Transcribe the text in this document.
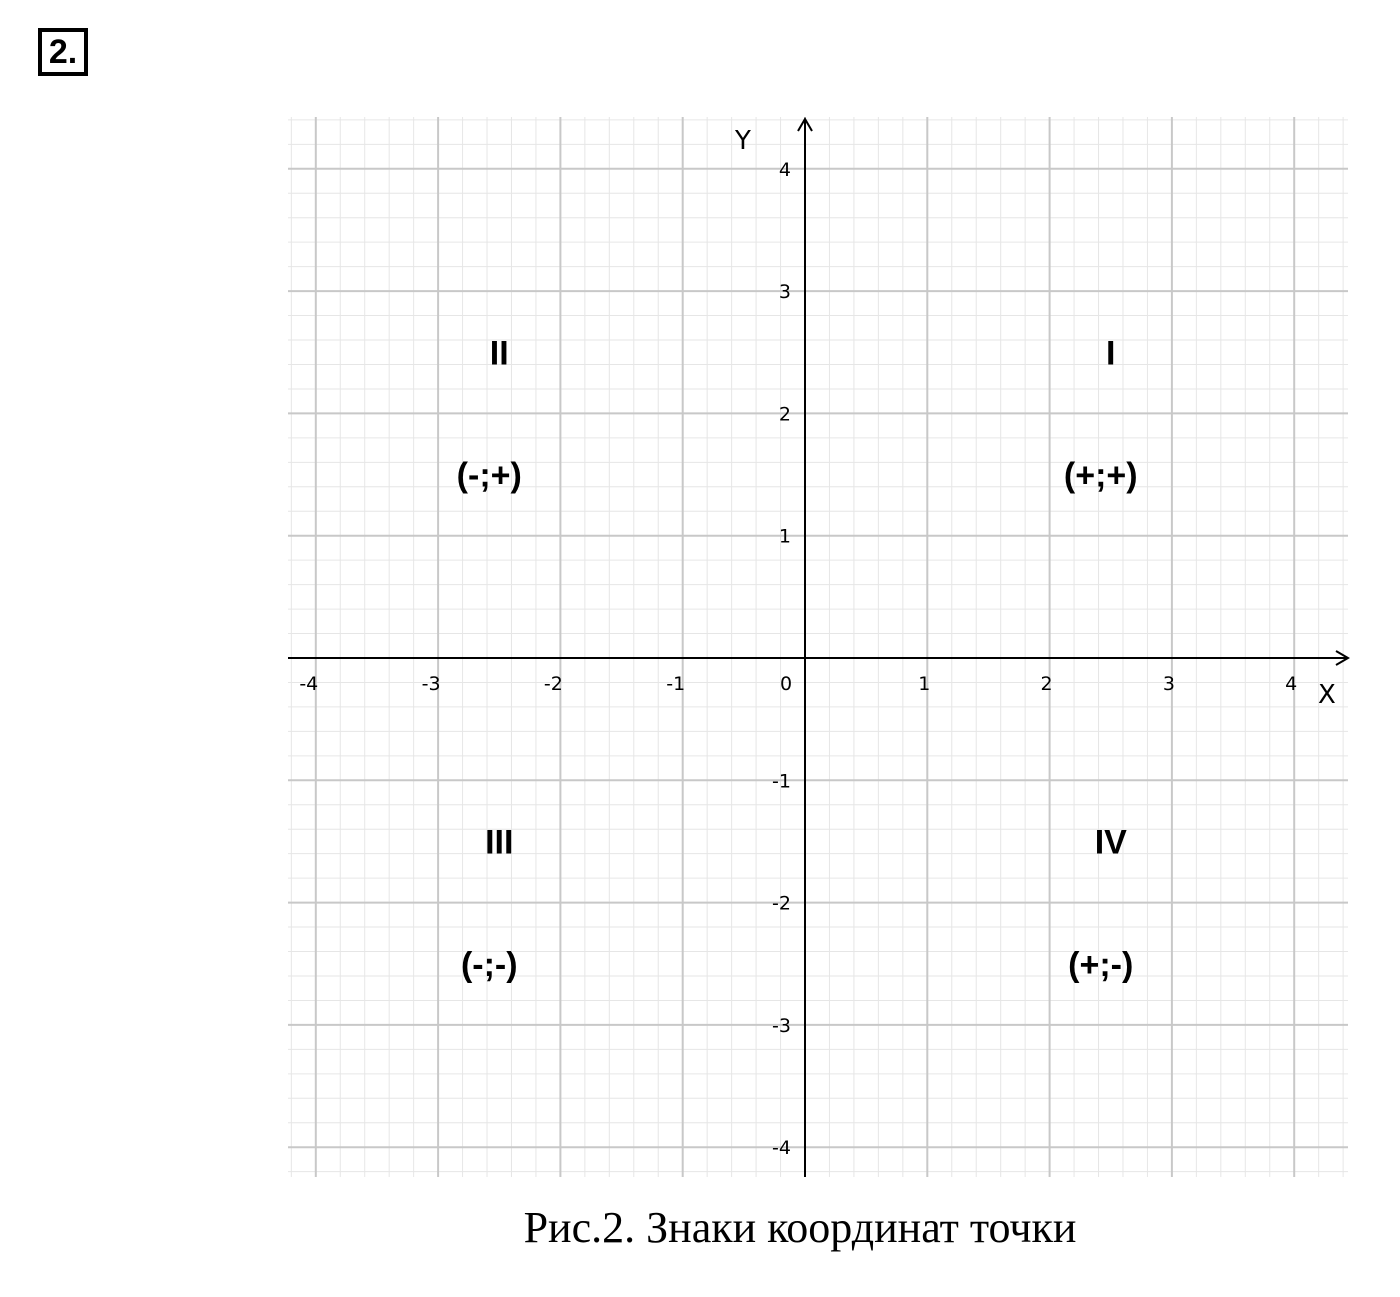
2.
X
Y
-4	-3	-2	-1	0	1	2	3	4
4
3
2
1
-1
-2
-3
-4
I
(+;+)
II
(-;+)
III
(-;-)
IV
(+;-)
Рис.2. Знаки координат точки
